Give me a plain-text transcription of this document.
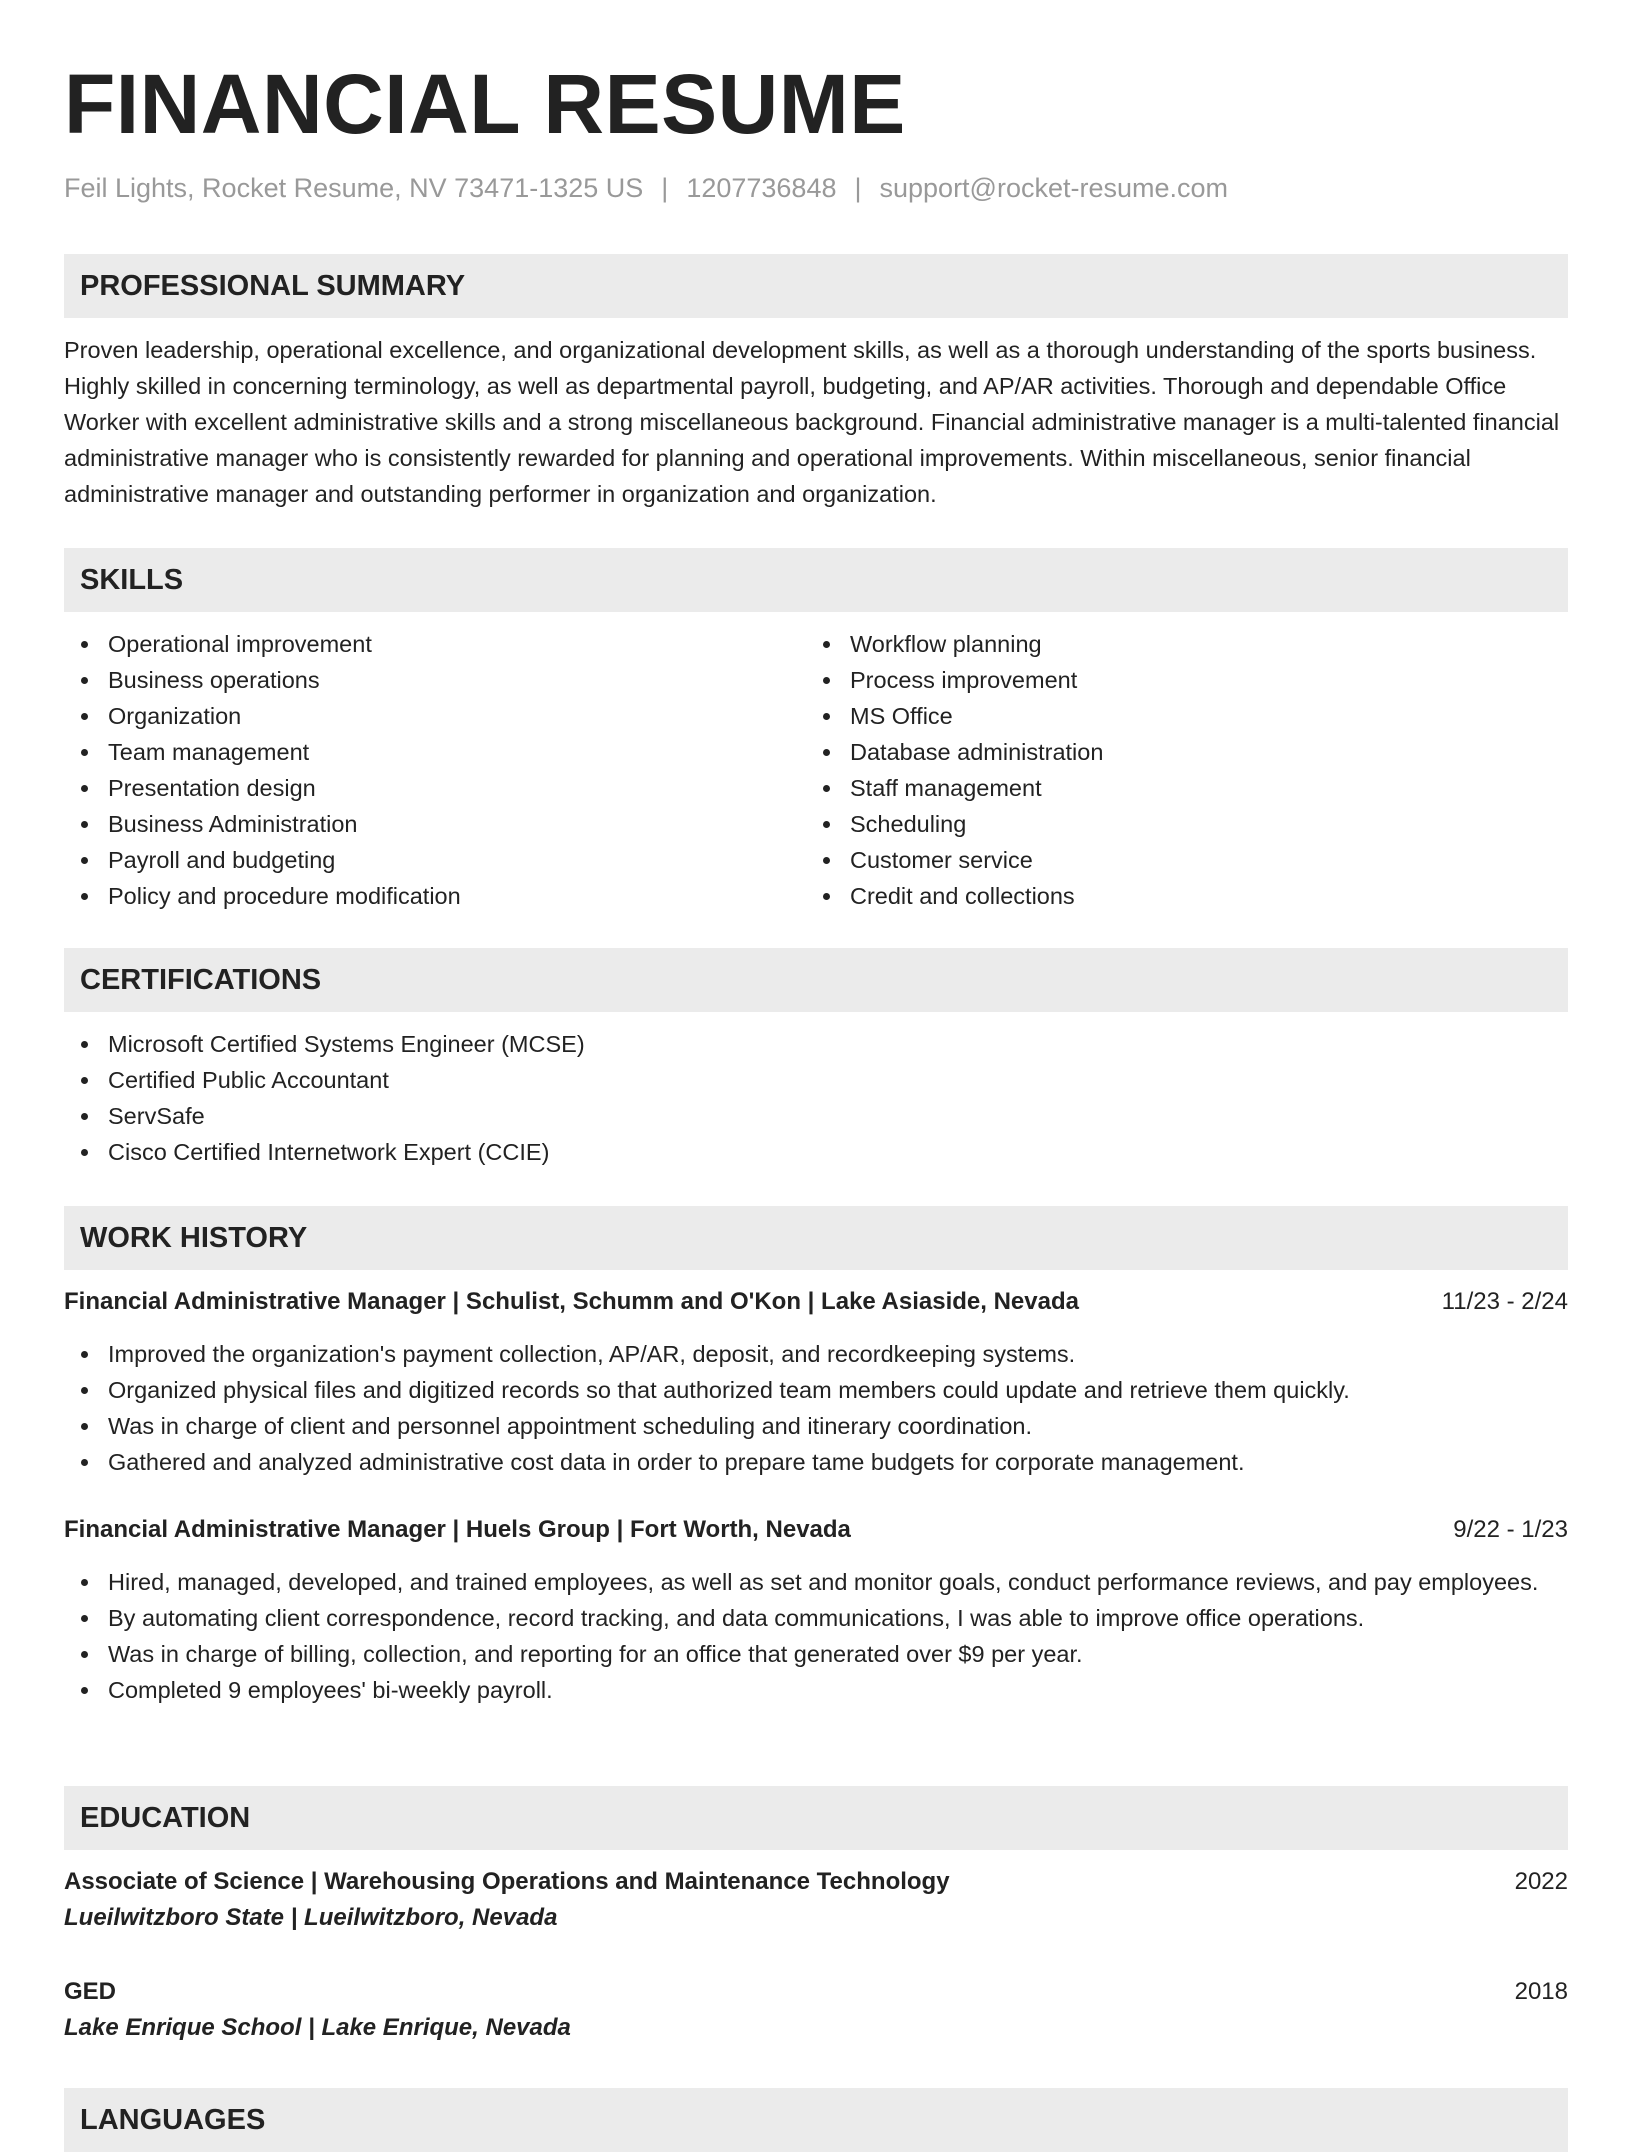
FINANCIAL RESUME
Feil Lights, Rocket Resume, NV 73471-1325 US | 1207736848 | support@rocket-resume.com
PROFESSIONAL SUMMARY

Proven leadership, operational excellence, and organizational development skills, as well as a thorough understanding of the sports business. Highly skilled in concerning terminology, as well as departmental payroll, budgeting, and AP/AR activities. Thorough and dependable Office Worker with excellent administrative skills and a strong miscellaneous background. Financial administrative manager is a multi-talented financial administrative manager who is consistently rewarded for planning and operational improvements. Within miscellaneous, senior financial administrative manager and outstanding performer in organization and organization.

SKILLS
Operational improvement
Business operations
Organization
Team management
Presentation design
Business Administration
Payroll and budgeting
Policy and procedure modification
Workflow planning
Process improvement
MS Office
Database administration
Staff management
Scheduling
Customer service
Credit and collections
CERTIFICATIONS
Microsoft Certified Systems Engineer (MCSE)
Certified Public Accountant
ServSafe
Cisco Certified Internetwork Expert (CCIE)
WORK HISTORY
Financial Administrative Manager | Schulist, Schumm and O'Kon | Lake Asiaside, Nevada	11/23 - 2/24
Improved the organization's payment collection, AP/AR, deposit, and recordkeeping systems.
Organized physical files and digitized records so that authorized team members could update and retrieve them quickly.
Was in charge of client and personnel appointment scheduling and itinerary coordination.
Gathered and analyzed administrative cost data in order to prepare tame budgets for corporate management.
Financial Administrative Manager | Huels Group | Fort Worth, Nevada	9/22 - 1/23
Hired, managed, developed, and trained employees, as well as set and monitor goals, conduct performance reviews, and pay employees.
By automating client correspondence, record tracking, and data communications, I was able to improve office operations.
Was in charge of billing, collection, and reporting for an office that generated over $9 per year.
Completed 9 employees' bi-weekly payroll.
EDUCATION
Associate of Science | Warehousing Operations and Maintenance Technology	2022
Lueilwitzboro State | Lueilwitzboro, Nevada
GED	2018
Lake Enrique School | Lake Enrique, Nevada
LANGUAGES
